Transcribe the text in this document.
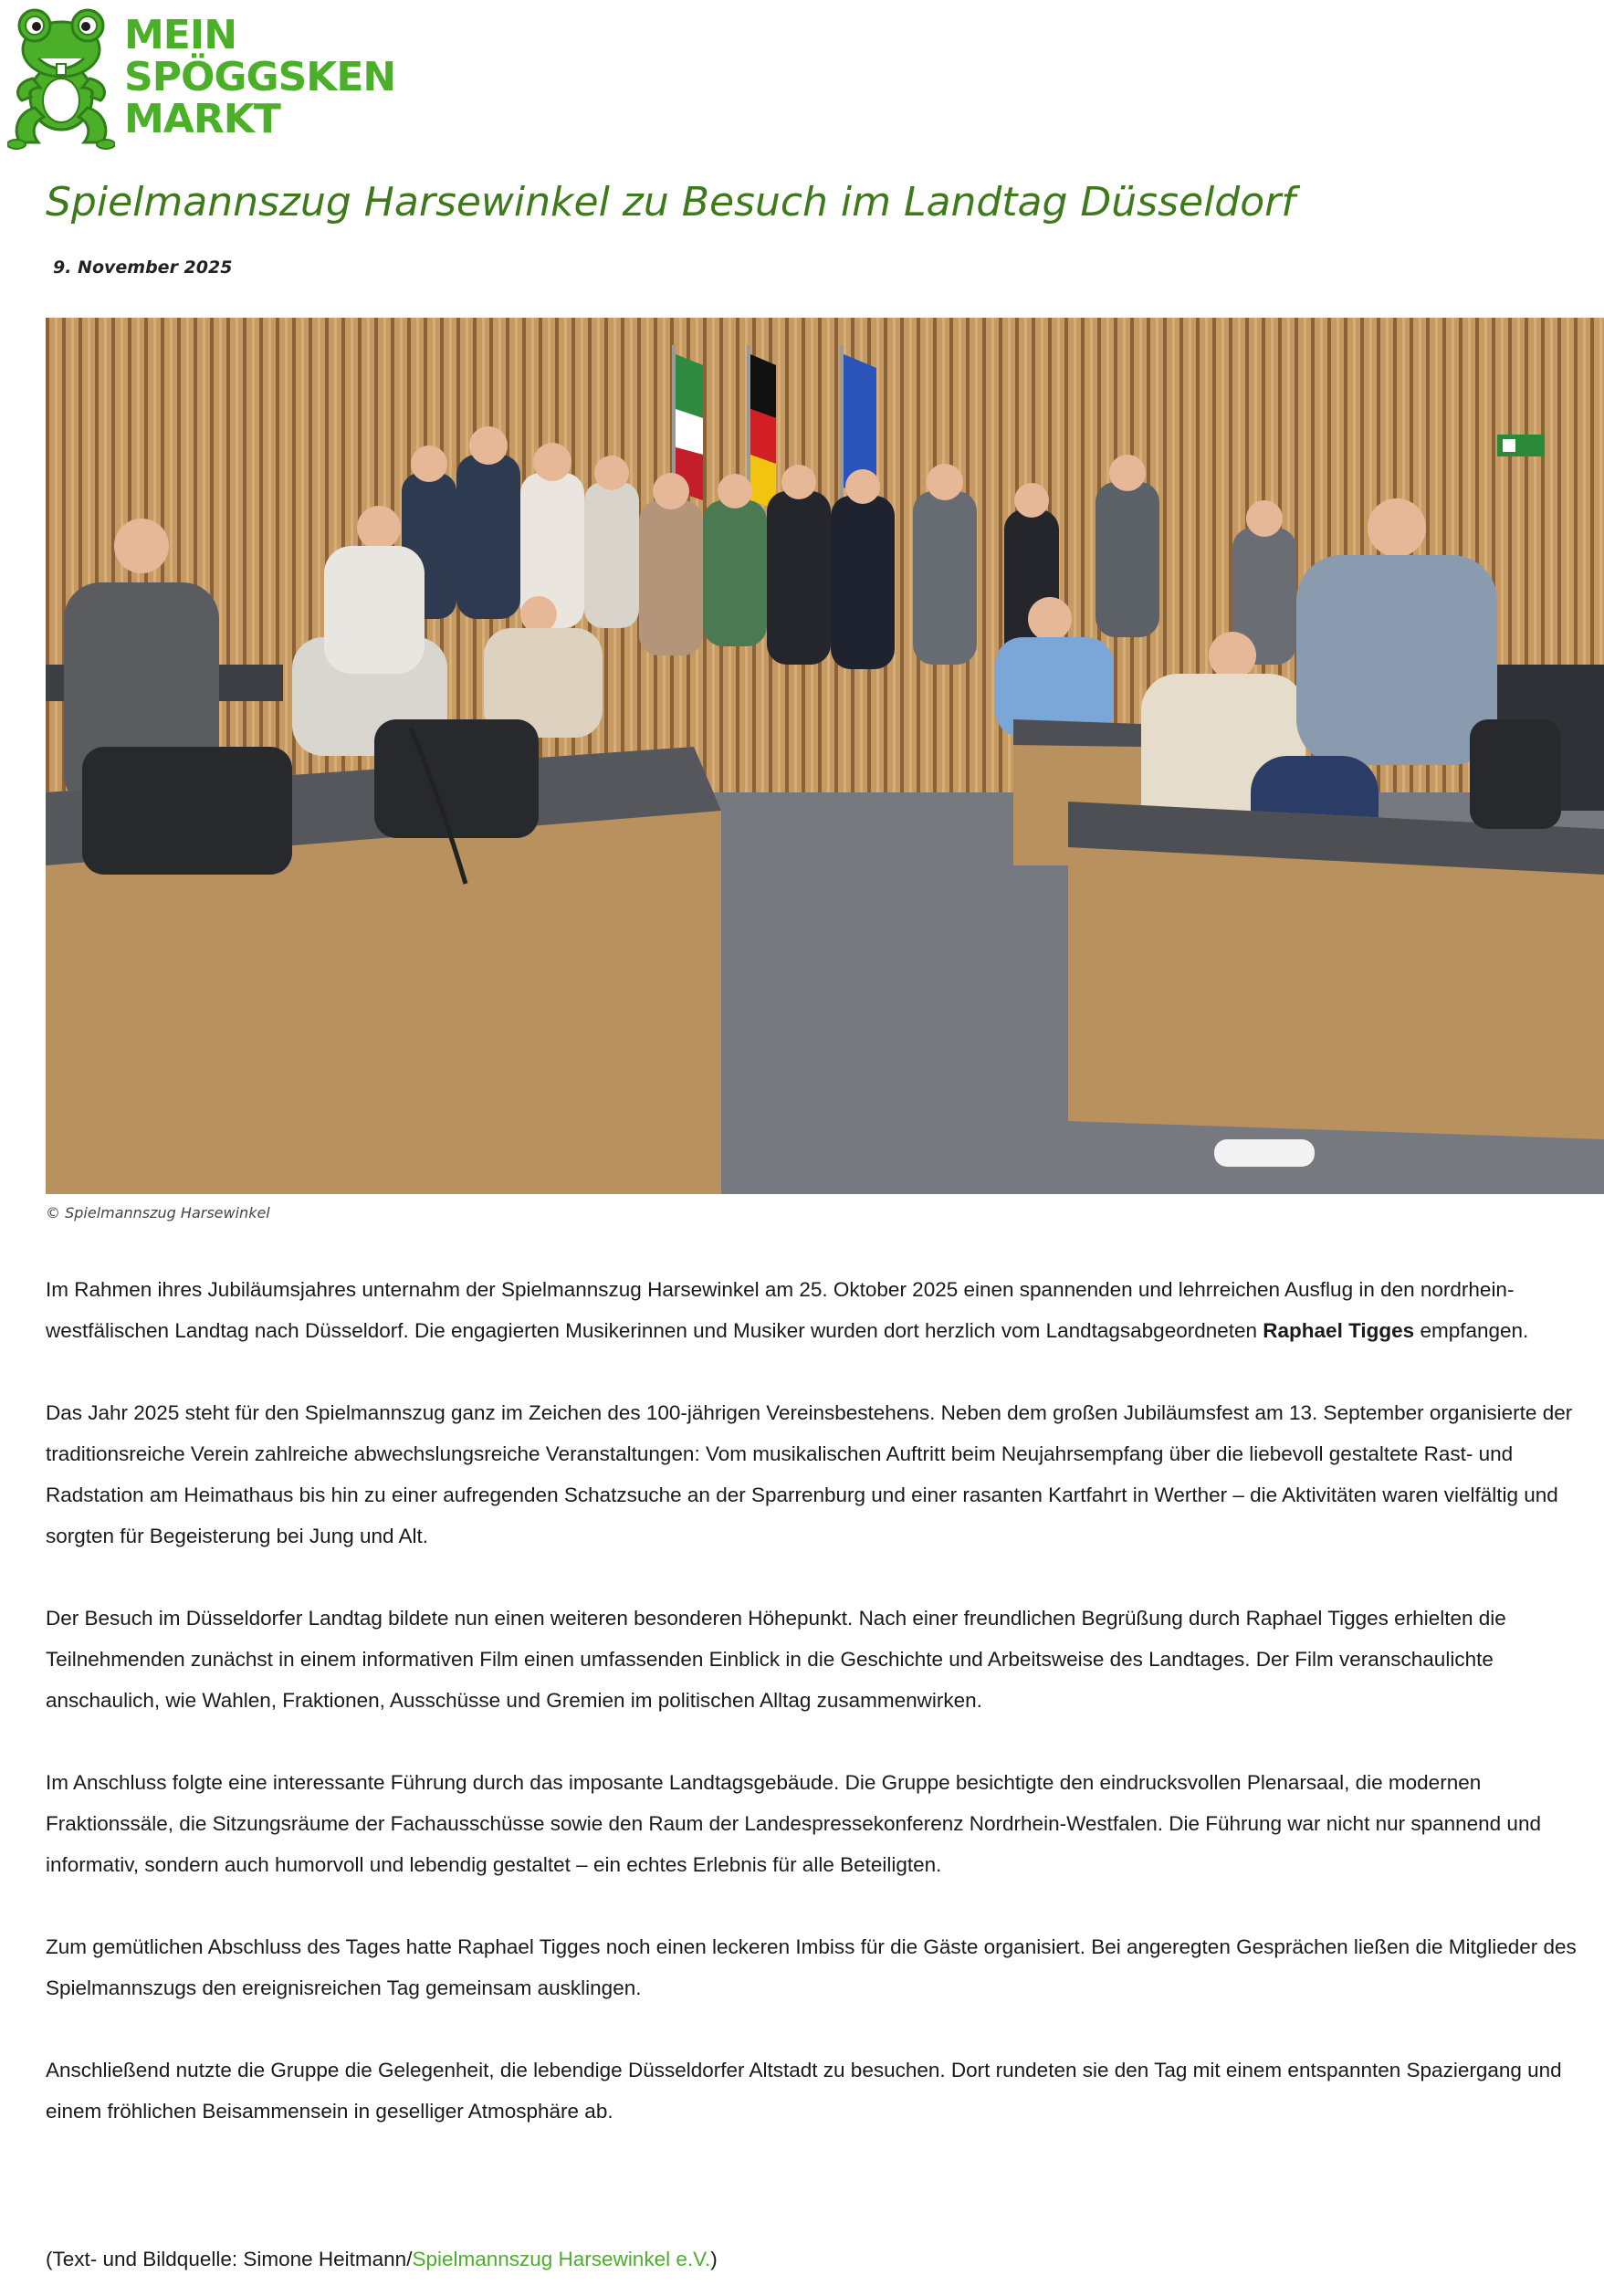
MEIN
SPÖGGSKEN
MARKT
Spielmannszug Harsewinkel zu Besuch im Landtag Düsseldorf
9. November 2025
© Spielmannszug Harsewinkel

Im Rahmen ihres Jubiläumsjahres unternahm der Spielmannszug Harsewinkel am 25. Oktober 2025 einen spannenden und lehrreichen Ausflug in den nordrhein-westfälischen Landtag nach Düsseldorf. Die engagierten Musikerinnen und Musiker wurden dort herzlich vom Landtagsabgeordneten Raphael Tigges empfangen.

Das Jahr 2025 steht für den Spielmannszug ganz im Zeichen des 100-jährigen Vereinsbestehens. Neben dem großen Jubiläumsfest am 13. September organisierte der traditionsreiche Verein zahlreiche abwechslungsreiche Veranstaltungen: Vom musikalischen Auftritt beim Neujahrsempfang über die liebevoll gestaltete Rast- und Radstation am Heimathaus bis hin zu einer aufregenden Schatzsuche an der Sparrenburg und einer rasanten Kartfahrt in Werther – die Aktivitäten waren vielfältig und sorgten für Begeisterung bei Jung und Alt.

Der Besuch im Düsseldorfer Landtag bildete nun einen weiteren besonderen Höhepunkt. Nach einer freundlichen Begrüßung durch Raphael Tigges erhielten die Teilnehmenden zunächst in einem informativen Film einen umfassenden Einblick in die Geschichte und Arbeitsweise des Landtages. Der Film veranschaulichte anschaulich, wie Wahlen, Fraktionen, Ausschüsse und Gremien im politischen Alltag zusammenwirken.

Im Anschluss folgte eine interessante Führung durch das imposante Landtagsgebäude. Die Gruppe besichtigte den eindrucksvollen Plenarsaal, die modernen Fraktionssäle, die Sitzungsräume der Fachausschüsse sowie den Raum der Landespressekonferenz Nordrhein-Westfalen. Die Führung war nicht nur spannend und informativ, sondern auch humorvoll und lebendig gestaltet – ein echtes Erlebnis für alle Beteiligten.

Zum gemütlichen Abschluss des Tages hatte Raphael Tigges noch einen leckeren Imbiss für die Gäste organisiert. Bei angeregten Gesprächen ließen die Mitglieder des Spielmannszugs den ereignisreichen Tag gemeinsam ausklingen.

Anschließend nutzte die Gruppe die Gelegenheit, die lebendige Düsseldorfer Altstadt zu besuchen. Dort rundeten sie den Tag mit einem entspannten Spaziergang und einem fröhlichen Beisammensein in geselliger Atmosphäre ab.

(Text- und Bildquelle: Simone Heitmann/Spielmannszug Harsewinkel e.V.)
